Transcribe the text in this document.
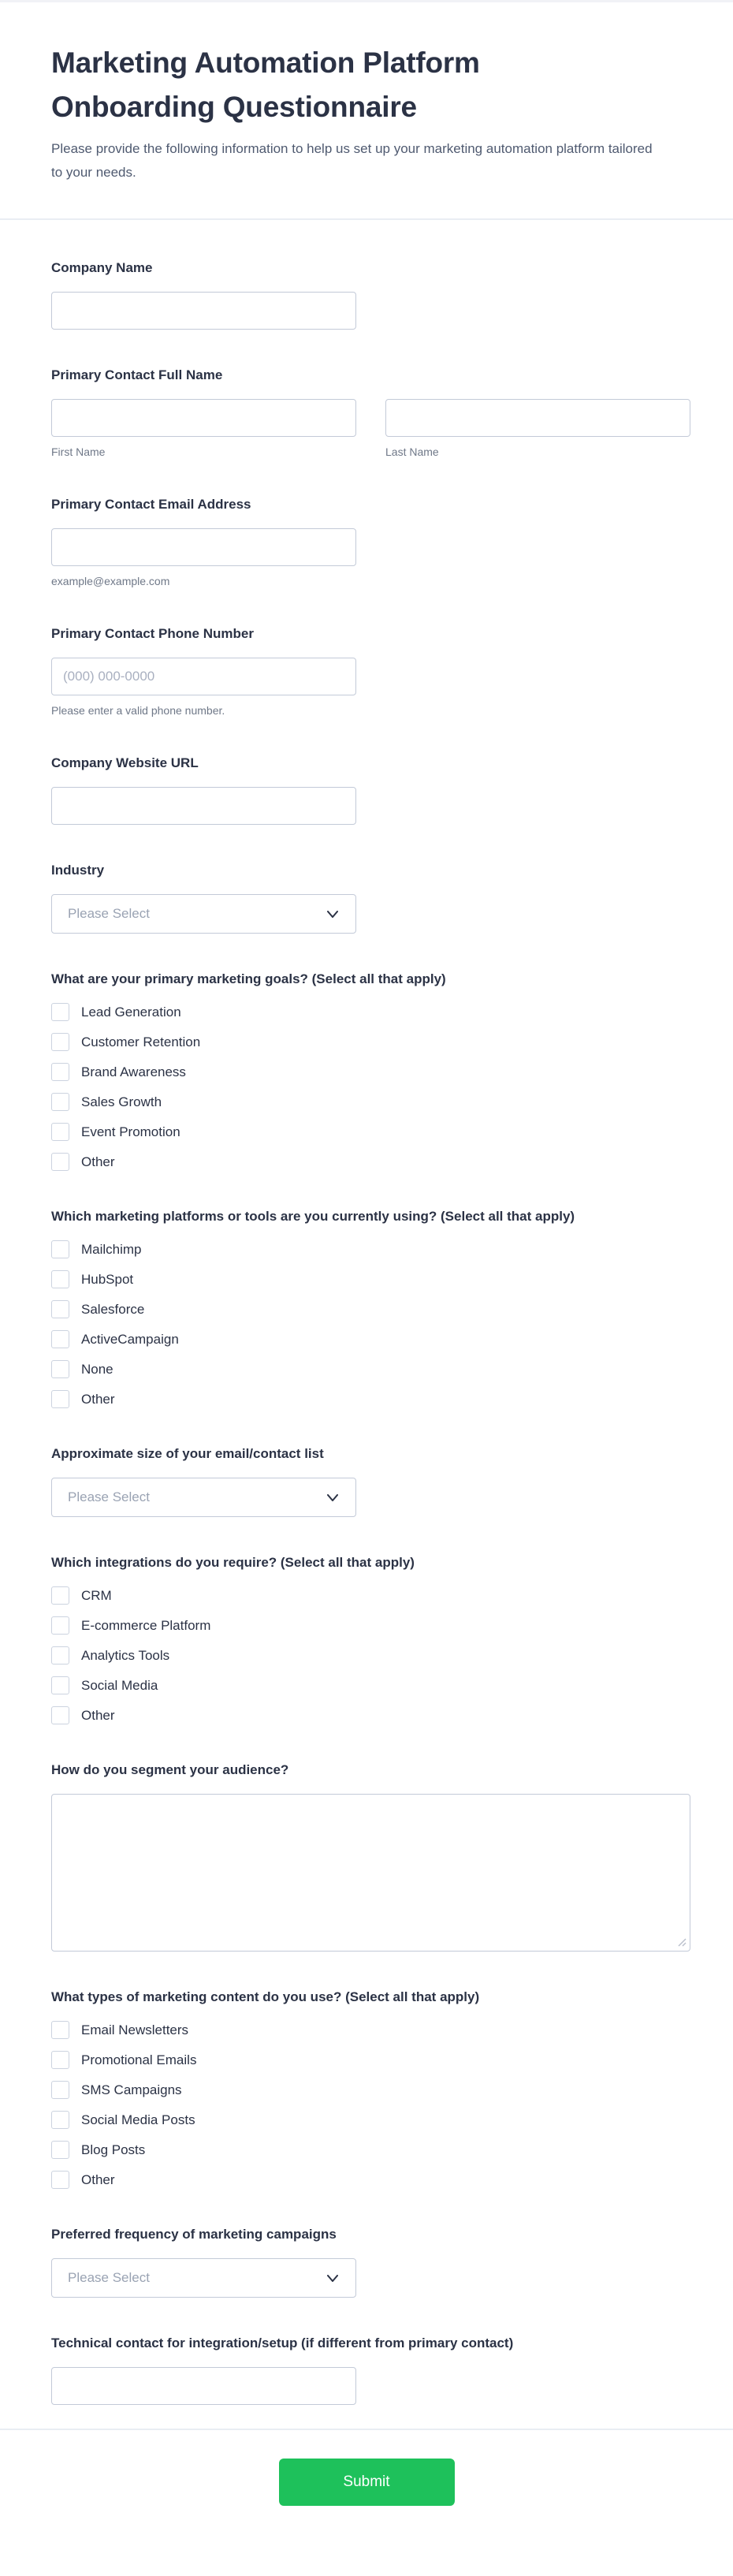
Marketing Automation Platform
Onboarding Questionnaire

Please provide the following information to help us set up your marketing automation platform tailored to your needs.

Company Name
Primary Contact Full Name
First Name	Last Name
Primary Contact Email Address
example@example.com
Primary Contact Phone Number
(000) 000-0000
Please enter a valid phone number.
Company Website URL
Industry
Please Select
What are your primary marketing goals? (Select all that apply)
Lead Generation
Customer Retention
Brand Awareness
Sales Growth
Event Promotion
Other
Which marketing platforms or tools are you currently using? (Select all that apply)
Mailchimp
HubSpot
Salesforce
ActiveCampaign
None
Other
Approximate size of your email/contact list
Please Select
Which integrations do you require? (Select all that apply)
CRM
E-commerce Platform
Analytics Tools
Social Media
Other
How do you segment your audience?
What types of marketing content do you use? (Select all that apply)
Email Newsletters
Promotional Emails
SMS Campaigns
Social Media Posts
Blog Posts
Other
Preferred frequency of marketing campaigns
Please Select
Technical contact for integration/setup (if different from primary contact)
Submit
